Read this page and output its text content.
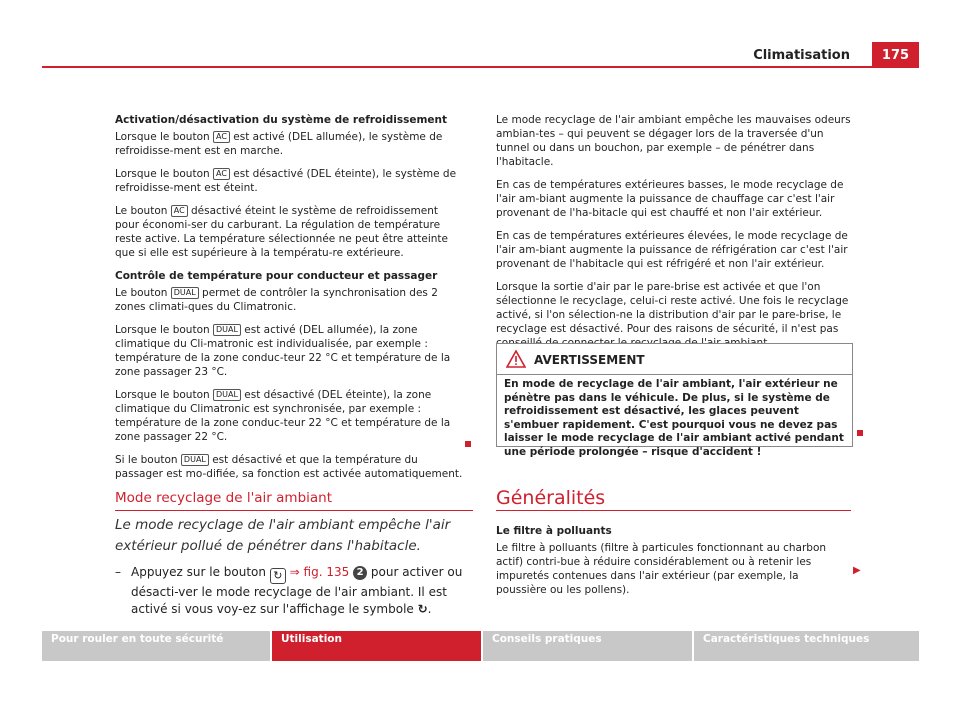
Climatisation	175

Activation/désactivation du système de refroidissement

Lorsque le bouton AC est activé (DEL allumée), le système de refroidisse-ment est en marche.

Lorsque le bouton AC est désactivé (DEL éteinte), le système de refroidisse-ment est éteint.

Le bouton AC désactivé éteint le système de refroidissement pour économi-ser du carburant. La régulation de température reste active. La température sélectionnée ne peut être atteinte que si elle est supérieure à la températu-re extérieure.

Contrôle de température pour conducteur et passager

Le bouton DUAL permet de contrôler la synchronisation des 2 zones climati-ques du Climatronic.

Lorsque le bouton DUAL est activé (DEL allumée), la zone climatique du Cli-matronic est individualisée, par exemple : température de la zone conduc-teur 22 °C et température de la zone passager 23 °C.

Lorsque le bouton DUAL est désactivé (DEL éteinte), la zone climatique du Climatronic est synchronisée, par exemple : température de la zone conduc-teur 22 °C et température de la zone passager 22 °C.

Si le bouton DUAL est désactivé et que la température du passager est mo-difiée, sa fonction est activée automatiquement.

Mode recyclage de l'air ambiant
Le mode recyclage de l'air ambiant empêche l'air extérieur pollué de pénétrer dans l'habitacle.
– Appuyez sur le bouton ↻ ⇒ fig. 135 2 pour activer ou désacti-ver le mode recyclage de l'air ambiant. Il est activé si vous voy-ez sur l'affichage le symbole ↻.

Le mode recyclage de l'air ambiant empêche les mauvaises odeurs ambian-tes – qui peuvent se dégager lors de la traversée d'un tunnel ou dans un bouchon, par exemple – de pénétrer dans l'habitacle.

En cas de températures extérieures basses, le mode recyclage de l'air am-biant augmente la puissance de chauffage car c'est l'air provenant de l'ha-bitacle qui est chauffé et non l'air extérieur.

En cas de températures extérieures élevées, le mode recyclage de l'air am-biant augmente la puissance de réfrigération car c'est l'air provenant de l'habitacle qui est réfrigéré et non l'air extérieur.

Lorsque la sortie d'air par le pare-brise est activée et que l'on sélectionne le recyclage, celui-ci reste activé. Une fois le recyclage activé, si l'on sélection-ne la distribution d'air par le pare-brise, le recyclage est désactivé. Pour des raisons de sécurité, il n'est pas

AVERTISSEMENT
En mode de recyclage de l'air ambiant, l'air extérieur ne pénètre pas dans le véhicule. De plus, si le système de refroidissement est désactivé, les glaces peuvent s'embuer rapidement. C'est pourquoi vous ne devez pas laisser le mode recyclage de l'air ambiant activé pendant une période prolongée – risque d'accident !
Généralités

Le filtre à polluants

Le filtre à polluants (filtre à particules fonctionnant au charbon actif) contri-bue à réduire considérablement ou à retenir les impuretés contenues dans l'air extérieur (par exemple, la poussière ou les pollens).

▶
Pour rouler en toute sécurité	Utilisation	Conseils pratiques	Caractéristiques techniques
